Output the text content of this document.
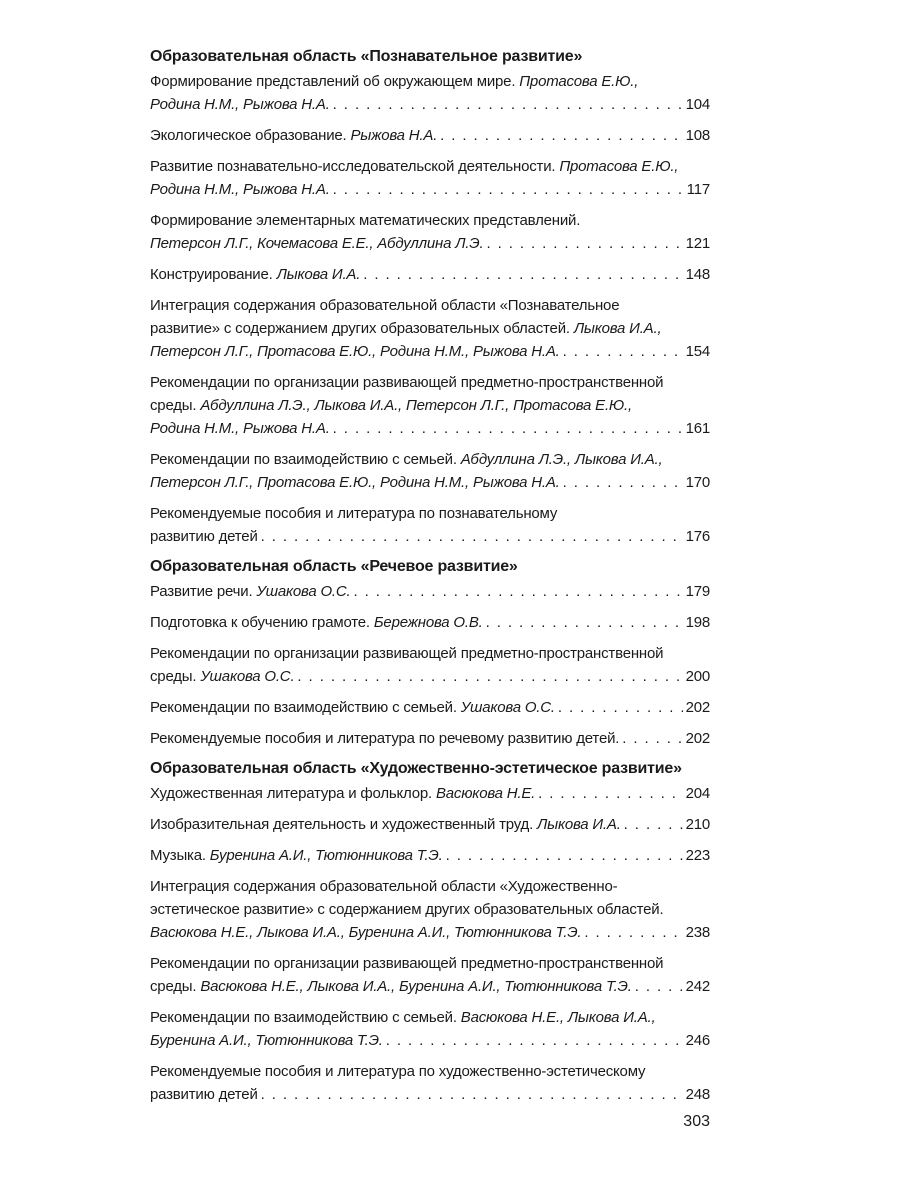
Образовательная область «Познавательное развитие»
Формирование представлений об окружающем мире. Протасова Е.Ю.,
Родина Н.М., Рыжова Н.А. . . .	104
Экологическое образование. Рыжова Н.А. . . .	108
Развитие познавательно-исследовательской деятельности. Протасова Е.Ю.,
Родина Н.М., Рыжова Н.А. . . .	117
Формирование элементарных математических представлений.
Петерсон Л.Г., Кочемасова Е.Е., Абдуллина Л.Э. . . .	121
Конструирование. Лыкова И.А. . . .	148
Интеграция содержания образовательной области «Познавательное
развитие» с содержанием других образовательных областей. Лыкова И.А.,
Петерсон Л.Г., Протасова Е.Ю., Родина Н.М., Рыжова Н.А. . . .	154
Рекомендации по организации развивающей предметно-пространственной
среды. Абдуллина Л.Э., Лыкова И.А., Петерсон Л.Г., Протасова Е.Ю.,
Родина Н.М., Рыжова Н.А. . . .	161
Рекомендации по взаимодействию с семьей. Абдуллина Л.Э., Лыкова И.А.,
Петерсон Л.Г., Протасова Е.Ю., Родина Н.М., Рыжова Н.А. . . .	170
Рекомендуемые пособия и литература по познавательному
развитию детей . . .	176
Образовательная область «Речевое развитие»
Развитие речи. Ушакова О.С. . . .	179
Подготовка к обучению грамоте. Бережнова О.В. . . .	198
Рекомендации по организации развивающей предметно-пространственной
среды. Ушакова О.С. . . .	200
Рекомендации по взаимодействию с семьей. Ушакова О.С. . . .	202
Рекомендуемые пособия и литература по речевому развитию детей. . . .	202
Образовательная область «Художественно-эстетическое развитие»
Художественная литература и фольклор. Васюкова Н.Е. . . .	204
Изобразительная деятельность и художественный труд. Лыкова И.А. . . .	210
Музыка. Буренина А.И., Тютюнникова Т.Э. . . .	223
Интеграция содержания образовательной области «Художественно-
эстетическое развитие» с содержанием других образовательных областей.
Васюкова Н.Е., Лыкова И.А., Буренина А.И., Тютюнникова Т.Э. . . .	238
Рекомендации по организации развивающей предметно-пространственной
среды. Васюкова Н.Е., Лыкова И.А., Буренина А.И., Тютюнникова Т.Э. . . .	242
Рекомендации по взаимодействию с семьей. Васюкова Н.Е., Лыкова И.А.,
Буренина А.И., Тютюнникова Т.Э. . . .	246
Рекомендуемые пособия и литература по художественно-эстетическому
развитию детей . . .	248
303
